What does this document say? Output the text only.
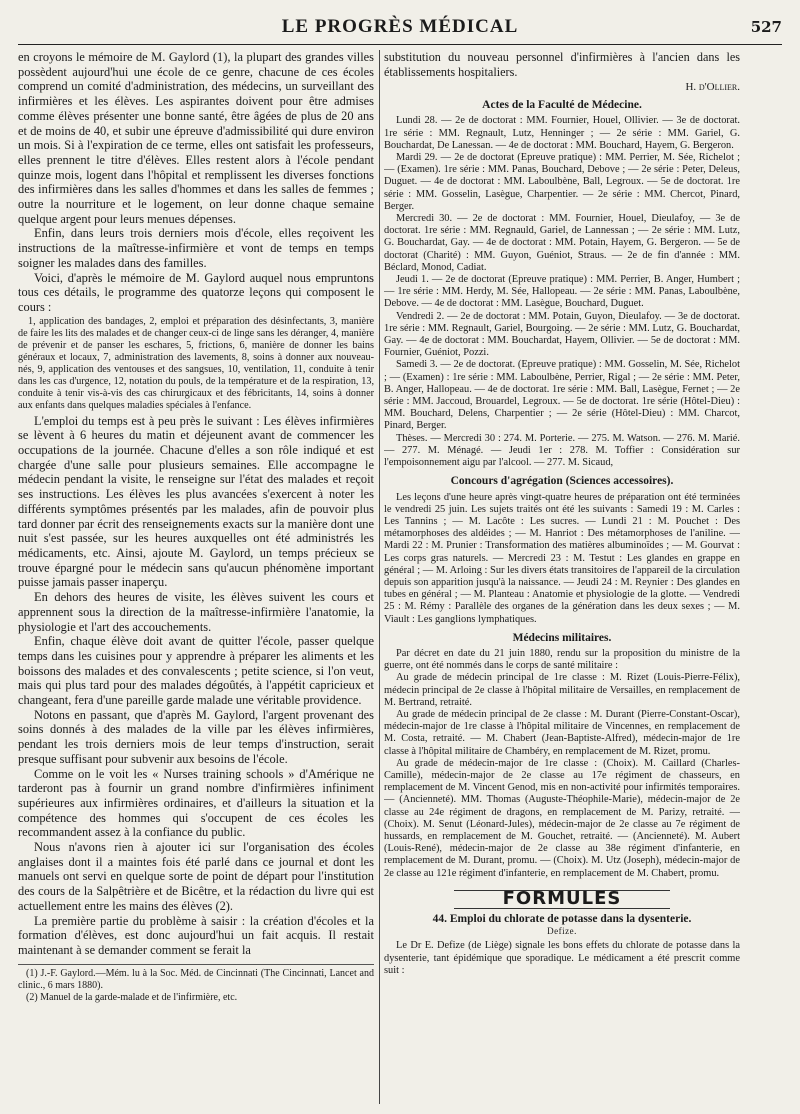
LE PROGRÈS MÉDICAL	527

en croyons le mémoire de M. Gaylord (1), la plupart des grandes villes possèdent aujourd'hui une école de ce genre, chacune de ces écoles comprend un comité d'administration, des médecins, un surveillant des infirmières et les élèves. Les aspirantes doivent pour être admises comme élèves présenter une bonne santé, être âgées de plus de 20 ans et de moins de 40, et subir une épreuve d'admissibilité qui dure environ un mois. Si à l'expiration de ce terme, elles ont satisfait les professeurs, elles prennent le titre d'élèves. Elles restent alors à l'école pendant quinze mois, logent dans l'hôpital et remplissent les diverses fonctions des infirmières dans les salles d'hommes et dans les salles de femmes ; outre la nourriture et le logement, on leur donne chaque semaine quelque argent pour leurs menues dépenses.

Enfin, dans leurs trois derniers mois d'école, elles reçoivent les instructions de la maîtresse-infirmière et vont de temps en temps soigner les malades dans des familles.

Voici, d'après le mémoire de M. Gaylord auquel nous empruntons tous ces détails, le programme des quatorze leçons qui composent le cours :

1, application des bandages, 2, emploi et préparation des désinfectants, 3, manière de faire les lits des malades et de changer ceux-ci de linge sans les déranger, 4, manière de prévenir et de panser les eschares, 5, frictions, 6, manière de donner les bains généraux et locaux, 7, administration des lavements, 8, soins à donner aux nouveau-nés, 9, application des ventouses et des sangsues, 10, ventilation, 11, conduite à tenir dans les cas d'urgence, 12, notation du pouls, de la température et de la respiration, 13, conduite à tenir vis-à-vis des cas chirurgicaux et des fébricitants, 14, soins à donner aux enfants dans quelques maladies spéciales à l'enfance.

L'emploi du temps est à peu près le suivant : Les élèves infirmières se lèvent à 6 heures du matin et déjeunent avant de commencer les occupations de la journée. Chacune d'elles a son rôle indiqué et est chargée d'une salle pour plusieurs semaines. Elle accompagne le médecin pendant la visite, le renseigne sur l'état des malades et reçoit ses instructions. Les élèves les plus avancées s'exercent à noter les différents symptômes présentés par les malades, afin de pouvoir plus tard donner par écrit des renseignements exacts sur la manière dont une nuit s'est passée, sur les heures auxquelles ont été administrés les médicaments, etc. Ainsi, ajoute M. Gaylord, un temps précieux se trouve épargné pour le médecin sans qu'aucun phénomène important puisse jamais passer inaperçu.

En dehors des heures de visite, les élèves suivent les cours et apprennent sous la direction de la maîtresse-infirmière l'anatomie, la physiologie et l'art des accouchements.

Enfin, chaque élève doit avant de quitter l'école, passer quelque temps dans les cuisines pour y apprendre à préparer les aliments et les boissons des malades et des convalescents ; petite science, si l'on veut, mais qui plus tard pour des malades dégoûtés, à l'appétit capricieux et changeant, fera d'une pareille garde malade une véritable providence.

Notons en passant, que d'après M. Gaylord, l'argent provenant des soins donnés à des malades de la ville par les élèves infirmières, pendant les trois derniers mois de leur temps d'instruction, serait presque suffisant pour subvenir aux besoins de l'école.

Comme on le voit les « Nurses training schools » d'Amérique ne tarderont pas à fournir un grand nombre d'infirmières infiniment supérieures aux infirmières ordinaires, et d'ailleurs la situation et la compétence des hommes qui s'occupent de ces écoles les recommandent assez à la confiance du public.

Nous n'avons rien à ajouter ici sur l'organisation des écoles anglaises dont il a maintes fois été parlé dans ce journal et dont les manuels ont servi en quelque sorte de point de départ pour l'institution des cours de la Salpêtrière et de Bicêtre, et la rédaction du livre qui est actuellement entre les mains des élèves (2).

La première partie du problème à saisir : la création d'écoles et la formation d'élèves, est donc aujourd'hui un fait acquis. Il restait maintenant à se demander comment se ferait la

(1) J.-F. Gaylord.—Mém. lu à la Soc. Méd. de Cincinnati (The Cincinnati, Lancet and clinic., 6 mars 1880).
(2) Manuel de la garde-malade et de l'infirmière, etc.

substitution du nouveau personnel d'infirmières à l'ancien dans les établissements hospitaliers.

H. d'Ollier.
Actes de la Faculté de Médecine.

Lundi 28. — 2e de doctorat : MM. Fournier, Houel, Ollivier. — 3e de doctorat. 1re série : MM. Regnault, Lutz, Henninger ; — 2e série : MM. Gariel, G. Bouchardat, De Lanessan. — 4e de doctorat : MM. Bouchard, Hayem, G. Bergeron.

Mardi 29. — 2e de doctorat (Epreuve pratique) : MM. Perrier, M. Sée, Richelot ; — (Examen). 1re série : MM. Panas, Bouchard, Debove ; — 2e série : Peter, Deleus, Duguet. — 4e de doctorat : MM. Laboulbène, Ball, Legroux. — 5e de doctorat. 1re série : MM. Gosselin, Lasègue, Charpentier. — 2e série : MM. Chercot, Pinard, Berger.

Mercredi 30. — 2e de doctorat : MM. Fournier, Houel, Dieulafoy, — 3e de doctorat. 1re série : MM. Regnauld, Gariel, de Lannessan ; — 2e série : MM. Lutz, G. Bouchardat, Gay. — 4e de doctorat : MM. Potain, Hayem, G. Bergeron. — 5e de doctorat (Charité) : MM. Guyon, Guéniot, Straus. — 2e de fin d'année : MM. Béclard, Monod, Cadiat.

Jeudi 1. — 2e de doctorat (Epreuve pratique) : MM. Perrier, B. Anger, Humbert ; — 1re série : MM. Herdy, M. Sée, Hallopeau. — 2e série : MM. Panas, Laboulbène, Debove. — 4e de doctorat : MM. Lasègue, Bouchard, Duguet.

Vendredi 2. — 2e de doctorat : MM. Potain, Guyon, Dieulafoy. — 3e de doctorat. 1re série : MM. Regnault, Gariel, Bourgoing. — 2e série : MM. Lutz, G. Bouchardat, Gay. — 4e de doctorat : MM. Bouchardat, Hayem, Ollivier. — 5e de doctorat : MM. Fournier, Guéniot, Pozzi.

Samedi 3. — 2e de doctorat. (Epreuve pratique) : MM. Gosselin, M. Sée, Richelot ; — (Examen) : 1re série : MM. Laboulbène, Perrier, Rigal ; — 2e série : MM. Peter, B. Anger, Hallopeau. — 4e de doctorat. 1re série : MM. Ball, Lasègue, Fernet ; — 2e série : MM. Jaccoud, Brouardel, Legroux. — 5e de doctorat. 1re série (Hôtel-Dieu) : MM. Bouchard, Delens, Charpentier ; — 2e série (Hôtel-Dieu) : MM. Charcot, Pinard, Berger.

Thèses. — Mercredi 30 : 274. M. Porterie. — 275. M. Watson. — 276. M. Marié. — 277. M. Ménagé. — Jeudi 1er : 278. M. Toffier : Considération sur l'empoisonnement aigu par l'alcool. — 277. M. Sicaud,

Concours d'agrégation (Sciences accessoires).

Les leçons d'une heure après vingt-quatre heures de préparation ont été terminées le vendredi 25 juin. Les sujets traités ont été les suivants : Samedi 19 : M. Carles : Les Tannins ; — M. Lacôte : Les sucres. — Lundi 21 : M. Pouchet : Des métamorphoses des aldéides ; — M. Hanriot : Des métamorphoses de l'aniline. — Mardi 22 : M. Prunier : Transformation des matières albuminoïdes ; — M. Gourvat : Les corps gras naturels. — Mercredi 23 : M. Testut : Les glandes en grappe en général ; — M. Arloing : Sur les divers états transitoires de l'appareil de la circulation depuis son apparition jusqu'à la naissance. — Jeudi 24 : M. Reynier : Des glandes en tubes en général ; — M. Planteau : Anatomie et physiologie de la glotte. — Vendredi 25 : M. Rémy : Parallèle des organes de la génération dans les deux sexes ; — M. Viault : Les ganglions lymphatiques.

Médecins militaires.

Par décret en date du 21 juin 1880, rendu sur la proposition du ministre de la guerre, ont été nommés dans le corps de santé militaire :

Au grade de médecin principal de 1re classe : M. Rizet (Louis-Pierre-Félix), médecin principal de 2e classe à l'hôpital militaire de Versailles, en remplacement de M. Bertrand, retraité.

Au grade de médecin principal de 2e classe : M. Durant (Pierre-Constant-Oscar), médecin-major de 1re classe à l'hôpital militaire de Vincennes, en remplacement de M. Costa, retraité. — M. Chabert (Jean-Baptiste-Alfred), médecin-major de 1re classe à l'hôpital militaire de Chambéry, en remplacement de M. Rizet, promu.

Au grade de médecin-major de 1re classe : (Choix). M. Caillard (Charles-Camille), médecin-major de 2e classe au 17e régiment de chasseurs, en remplacement de M. Vincent Genod, mis en non-activité pour infirmités temporaires. — (Ancienneté). MM. Thomas (Auguste-Théophile-Marie), médecin-major de 2e classe au 24e régiment de dragons, en remplacement de M. Parizy, retraité. — (Choix). M. Senut (Léonard-Jules), médecin-major de 2e classe au 7e régiment de hussards, en remplacement de M. Gouchet, retraité. — (Ancienneté). M. Aubert (Louis-René), médecin-major de 2e classe au 38e régiment d'infanterie, en remplacement de M. Durant, promu. — (Choix). M. Utz (Joseph), médecin-major de 2e classe au 121e régiment d'infanterie, en remplacement de M. Chabert, promu.

FORMULES
44. Emploi du chlorate de potasse dans la dysenterie.
Defize.

Le Dr E. Defize (de Liège) signale les bons effets du chlorate de potasse dans la dysenterie, tant épidémique que sporadique. Le médicament a été prescrit comme suit :
